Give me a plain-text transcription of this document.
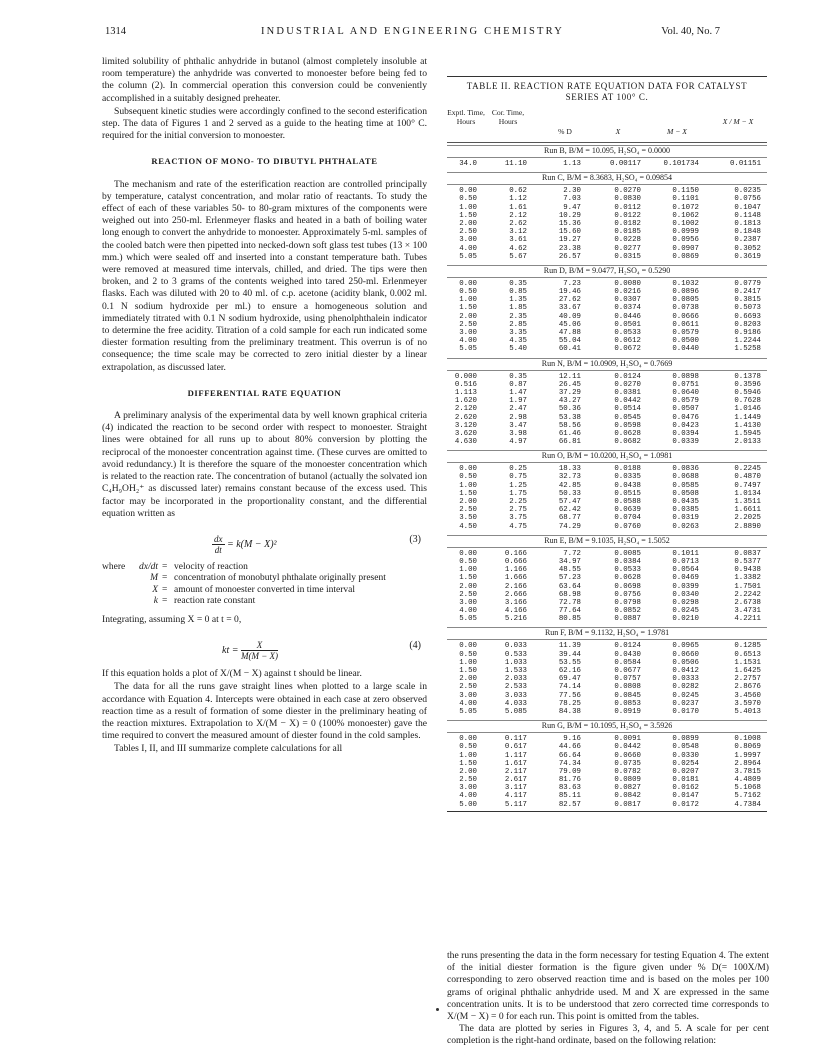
1314	INDUSTRIAL AND ENGINEERING CHEMISTRY	Vol. 40, No. 7

limited solubility of phthalic anhydride in butanol (almost completely insoluble at room temperature) the anhydride was converted to monoester before being fed to the column (2). In commercial operation this conversion could be conveniently accomplished in a suitably designed preheater.

Subsequent kinetic studies were accordingly confined to the second esterification step. The data of Figures 1 and 2 served as a guide to the heating time at 100° C. required for the initial conversion to monoester.

REACTION OF MONO- TO DIBUTYL PHTHALATE

The mechanism and rate of the esterification reaction are controlled principally by temperature, catalyst concentration, and molar ratio of reactants. To study the effect of each of these variables 50- to 80-gram mixtures of the components were weighed out into 250-ml. Erlenmeyer flasks and heated in a bath of boiling water long enough to convert the anhydride to monoester. Approximately 5-ml. samples of the cooled batch were then pipetted into necked-down soft glass test tubes (13 × 100 mm.) which were sealed off and inserted into a constant temperature bath. Tubes were removed at measured time intervals, chilled, and dried. The tips were then broken, and 2 to 3 grams of the contents weighed into tared 250-ml. Erlenmeyer flasks. Each was diluted with 20 to 40 ml. of c.p. acetone (acidity blank, 0.002 ml. 0.1 N sodium hydroxide per ml.) to ensure a homogeneous solution and immediately titrated with 0.1 N sodium hydroxide, using phenolphthalein indicator to determine the free acidity. Titration of a cold sample for each run indicated some diester formation resulting from the preliminary treatment. This overrun is of no consequence; the time scale may be corrected to zero initial diester by a linear extrapolation, as discussed later.

DIFFERENTIAL RATE EQUATION

A preliminary analysis of the experimental data by well known graphical criteria (4) indicated the reaction to be second order with respect to monoester. Straight lines were obtained for all runs up to about 80% conversion by plotting the reciprocal of the monoester concentration against time. (These curves are omitted to avoid redundancy.) It is therefore the square of the monoester concentration which is related to the reaction rate. The concentration of butanol (actually the solvated ion C₄H₉OH₂⁺ as discussed later) remains constant because of the excess used. This factor may be incorporated in the proportionality constant, and the differential equation written as

$\frac{dx}{dt} = k(M - X)^2$	(3)
where	dx/dt = velocity of reaction
M = concentration of monobutyl phthalate originally present
X = amount of monoester converted in time interval
k = reaction rate constant

Integrating, assuming X = 0 at t = 0,

kt = $\frac{X}{M(M - X)}$	(4)

If this equation holds a plot of X/(M − X) against t should be linear.

The data for all the runs gave straight lines when plotted to a large scale in accordance with Equation 4. Intercepts were obtained in each case at zero observed reaction time as a result of formation of some diester in the preliminary heating of the reaction mixtures. Extrapolation to X/(M − X) = 0 (100% monoester) gave the time required to convert the measured amount of diester found in the cold samples.

Tables I, II, and III summarize complete calculations for all

TABLE II. REACTION RATE EQUATION DATA FOR CATALYST
SERIES AT 100° C.
Exptl. Time, Hours
Cor. Time, Hours
% D	X	M − X
X / M − X
Run B, B/M = 10.095, H₂SO₄ = 0.0000
34.0	11.10	1.13	0.00117	0.101734	0.01151
Run C, B/M = 8.3683, H₂SO₄ = 0.09854
0.00	0.62	2.30	0.0270	0.1150	0.0235
0.50	1.12	7.03	0.0830	0.1101	0.0756
1.00	1.61	9.47	0.0112	0.1072	0.1047
1.50	2.12	10.29	0.0122	0.1062	0.1148
2.00	2.62	15.36	0.0182	0.1002	0.1813
2.50	3.12	15.60	0.0185	0.0999	0.1848
3.00	3.61	19.27	0.0228	0.0956	0.2387
4.00	4.62	23.38	0.0277	0.0907	0.3052
5.05	5.67	26.57	0.0315	0.0869	0.3619
Run D, B/M = 9.0477, H₂SO₄ = 0.5290
0.00	0.35	7.23	0.0080	0.1032	0.0779
0.50	0.85	19.46	0.0216	0.0896	0.2417
1.00	1.35	27.62	0.0307	0.0805	0.3815
1.50	1.85	33.67	0.0374	0.0738	0.5073
2.00	2.35	40.09	0.0446	0.0666	0.6693
2.50	2.85	45.06	0.0501	0.0611	0.8203
3.00	3.35	47.88	0.0533	0.0579	0.9186
4.00	4.35	55.04	0.0612	0.0500	1.2244
5.05	5.40	60.41	0.0672	0.0440	1.5258
Run N, B/M = 10.0909, H₂SO₄ = 0.7669
0.000	0.35	12.11	0.0124	0.0898	0.1378
0.516	0.87	26.45	0.0270	0.0751	0.3596
1.113	1.47	37.29	0.0381	0.0640	0.5946
1.620	1.97	43.27	0.0442	0.0579	0.7628
2.120	2.47	50.36	0.0514	0.0507	1.0146
2.620	2.98	53.38	0.0545	0.0476	1.1449
3.120	3.47	58.56	0.0598	0.0423	1.4130
3.620	3.98	61.46	0.0628	0.0394	1.5945
4.630	4.97	66.81	0.0682	0.0339	2.0133
Run O, B/M = 10.0200, H₂SO₄ = 1.0981
0.00	0.25	18.33	0.0188	0.0836	0.2245
0.50	0.75	32.73	0.0335	0.0688	0.4870
1.00	1.25	42.85	0.0438	0.0585	0.7497
1.50	1.75	50.33	0.0515	0.0508	1.0134
2.00	2.25	57.47	0.0588	0.0435	1.3511
2.50	2.75	62.42	0.0639	0.0385	1.6611
3.50	3.75	68.77	0.0704	0.0319	2.2025
4.50	4.75	74.29	0.0760	0.0263	2.8890
Run E, B/M = 9.1035, H₂SO₄ = 1.5052
0.00	0.166	7.72	0.0085	0.1011	0.0837
0.50	0.666	34.97	0.0384	0.0713	0.5377
1.00	1.166	48.55	0.0533	0.0564	0.9438
1.50	1.666	57.23	0.0628	0.0469	1.3382
2.00	2.166	63.64	0.0698	0.0399	1.7501
2.50	2.666	68.98	0.0756	0.0340	2.2242
3.00	3.166	72.78	0.0798	0.0298	2.6738
4.00	4.166	77.64	0.0852	0.0245	3.4731
5.05	5.216	80.85	0.0887	0.0210	4.2211
Run F, B/M = 9.1132, H₂SO₄ = 1.9781
0.00	0.033	11.39	0.0124	0.0965	0.1285
0.50	0.533	39.44	0.0430	0.0660	0.6513
1.00	1.033	53.55	0.0584	0.0506	1.1531
1.50	1.533	62.16	0.0677	0.0412	1.6425
2.00	2.033	69.47	0.0757	0.0333	2.2757
2.50	2.533	74.14	0.0808	0.0282	2.8676
3.00	3.033	77.56	0.0845	0.0245	3.4560
4.00	4.033	78.25	0.0853	0.0237	3.5970
5.05	5.085	84.38	0.0919	0.0170	5.4013
Run G, B/M = 10.1095, H₂SO₄ = 3.5926
0.00	0.117	9.16	0.0091	0.0899	0.1008
0.50	0.617	44.66	0.0442	0.0548	0.8069
1.00	1.117	66.64	0.0660	0.0330	1.9997
1.50	1.617	74.34	0.0735	0.0254	2.8964
2.00	2.117	79.09	0.0782	0.0207	3.7815
2.50	2.617	81.76	0.0809	0.0181	4.4809
3.00	3.117	83.63	0.0827	0.0162	5.1068
4.00	4.117	85.11	0.0842	0.0147	5.7162
5.00	5.117	82.57	0.0817	0.0172	4.7384

the runs presenting the data in the form necessary for testing Equation 4. The extent of the initial diester formation is the figure given under % D(= 100X/M) corresponding to zero observed reaction time and is based on the moles per 100 grams of original phthalic anhydride used. M and X are expressed in the same concentration units. It is to be understood that zero corrected time corresponds to X/(M − X) = 0 for each run. This point is omitted from the tables.

The data are plotted by series in Figures 3, 4, and 5. A scale for per cent completion is the right-hand ordinate, based on the following relation:
